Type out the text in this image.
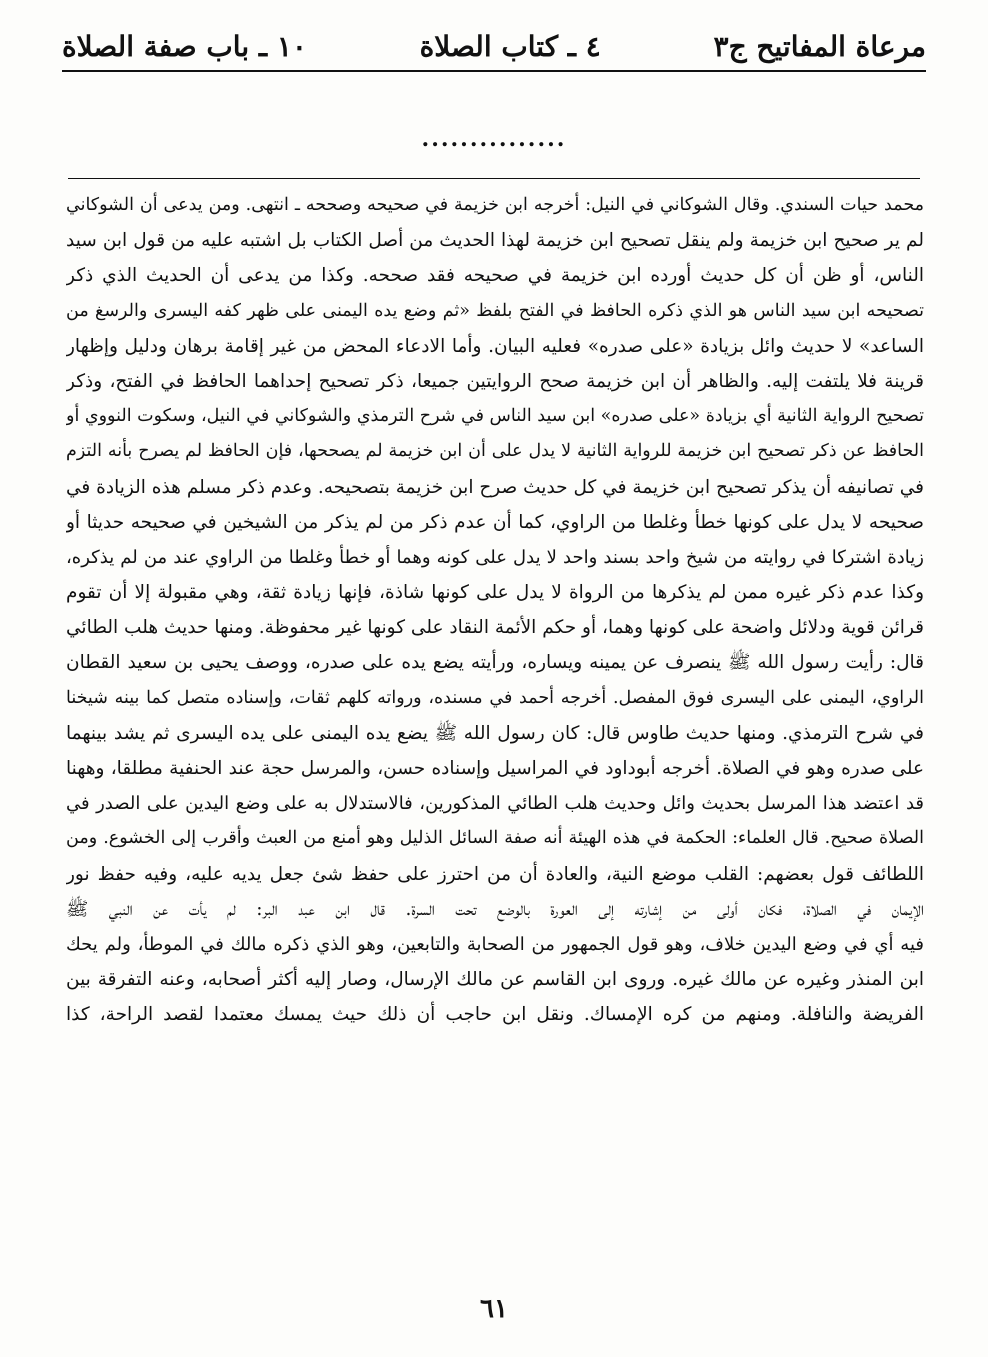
مرعاة المفاتيح ج٣
٤ ـ كتاب الصلاة
١٠ ـ باب صفة الصلاة
...............
محمد حيات السندي. وقال الشوكاني في النيل: أخرجه ابن خزيمة في صحيحه وصححه ـ انتهى. ومن يدعى أن الشوكاني
لم ير صحيح ابن خزيمة ولم ينقل تصحيح ابن خزيمة لهذا الحديث من أصل الكتاب بل اشتبه عليه من قول ابن سيد
الناس، أو ظن أن كل حديث أورده ابن خزيمة في صحيحه فقد صححه. وكذا من يدعى أن الحديث الذي ذكر
تصحيحه ابن سيد الناس هو الذي ذكره الحافظ في الفتح بلفظ «ثم وضع يده اليمنى على ظهر كفه اليسرى والرسغ من
الساعد» لا حديث وائل بزيادة «على صدره» فعليه البيان. وأما الادعاء المحض من غير إقامة برهان ودليل وإظهار
قرينة فلا يلتفت إليه. والظاهر أن ابن خزيمة صحح الروايتين جميعا، ذكر تصحيح إحداهما الحافظ في الفتح، وذكر
تصحيح الرواية الثانية أي بزيادة «على صدره» ابن سيد الناس في شرح الترمذي والشوكاني في النيل، وسكوت النووي أو
الحافظ عن ذكر تصحيح ابن خزيمة للرواية الثانية لا يدل على أن ابن خزيمة لم يصححها، فإن الحافظ لم يصرح بأنه التزم
في تصانيفه أن يذكر تصحيح ابن خزيمة في كل حديث صرح ابن خزيمة بتصحيحه. وعدم ذكر مسلم هذه الزيادة في
صحيحه لا يدل على كونها خطأ وغلطا من الراوي، كما أن عدم ذكر من لم يذكر من الشيخين في صحيحه حديثا أو
زيادة اشتركا في روايته من شيخ واحد بسند واحد لا يدل على كونه وهما أو خطأ وغلطا من الراوي عند من لم يذكره،
وكذا عدم ذكر غيره ممن لم يذكرها من الرواة لا يدل على كونها شاذة، فإنها زيادة ثقة، وهي مقبولة إلا أن تقوم
قرائن قوية ودلائل واضحة على كونها وهما، أو حكم الأئمة النقاد على كونها غير محفوظة. ومنها حديث هلب الطائي
قال: رأيت رسول الله ﷺ ينصرف عن يمينه ويساره، ورأيته يضع يده على صدره، ووصف يحيى بن سعيد القطان
الراوي، اليمنى على اليسرى فوق المفصل. أخرجه أحمد في مسنده، ورواته كلهم ثقات، وإسناده متصل كما بينه شيخنا
في شرح الترمذي. ومنها حديث طاوس قال: كان رسول الله ﷺ يضع يده اليمنى على يده اليسرى ثم يشد بينهما
على صدره وهو في الصلاة. أخرجه أبوداود في المراسيل وإسناده حسن، والمرسل حجة عند الحنفية مطلقا، وههنا
قد اعتضد هذا المرسل بحديث وائل وحديث هلب الطائي المذكورين، فالاستدلال به على وضع اليدين على الصدر في
الصلاة صحيح. قال العلماء: الحكمة في هذه الهيئة أنه صفة السائل الذليل وهو أمنع من العبث وأقرب إلى الخشوع. ومن
اللطائف قول بعضهم: القلب موضع النية، والعادة أن من احترز على حفظ شئ جعل يديه عليه، وفيه حفظ نور
الإيمان في الصلاة، فكان أولى من إشارته إلى العورة بالوضع تحت السرة. قال ابن عبد البر: لم يأت عن النبي ﷺ
فيه أي في وضع اليدين خلاف، وهو قول الجمهور من الصحابة والتابعين، وهو الذي ذكره مالك في الموطأ، ولم يحك
ابن المنذر وغيره عن مالك غيره. وروى ابن القاسم عن مالك الإرسال، وصار إليه أكثر أصحابه، وعنه التفرقة بين
الفريضة والنافلة. ومنهم من كره الإمساك. ونقل ابن حاجب أن ذلك حيث يمسك معتمدا لقصد الراحة، كذا
٦١
